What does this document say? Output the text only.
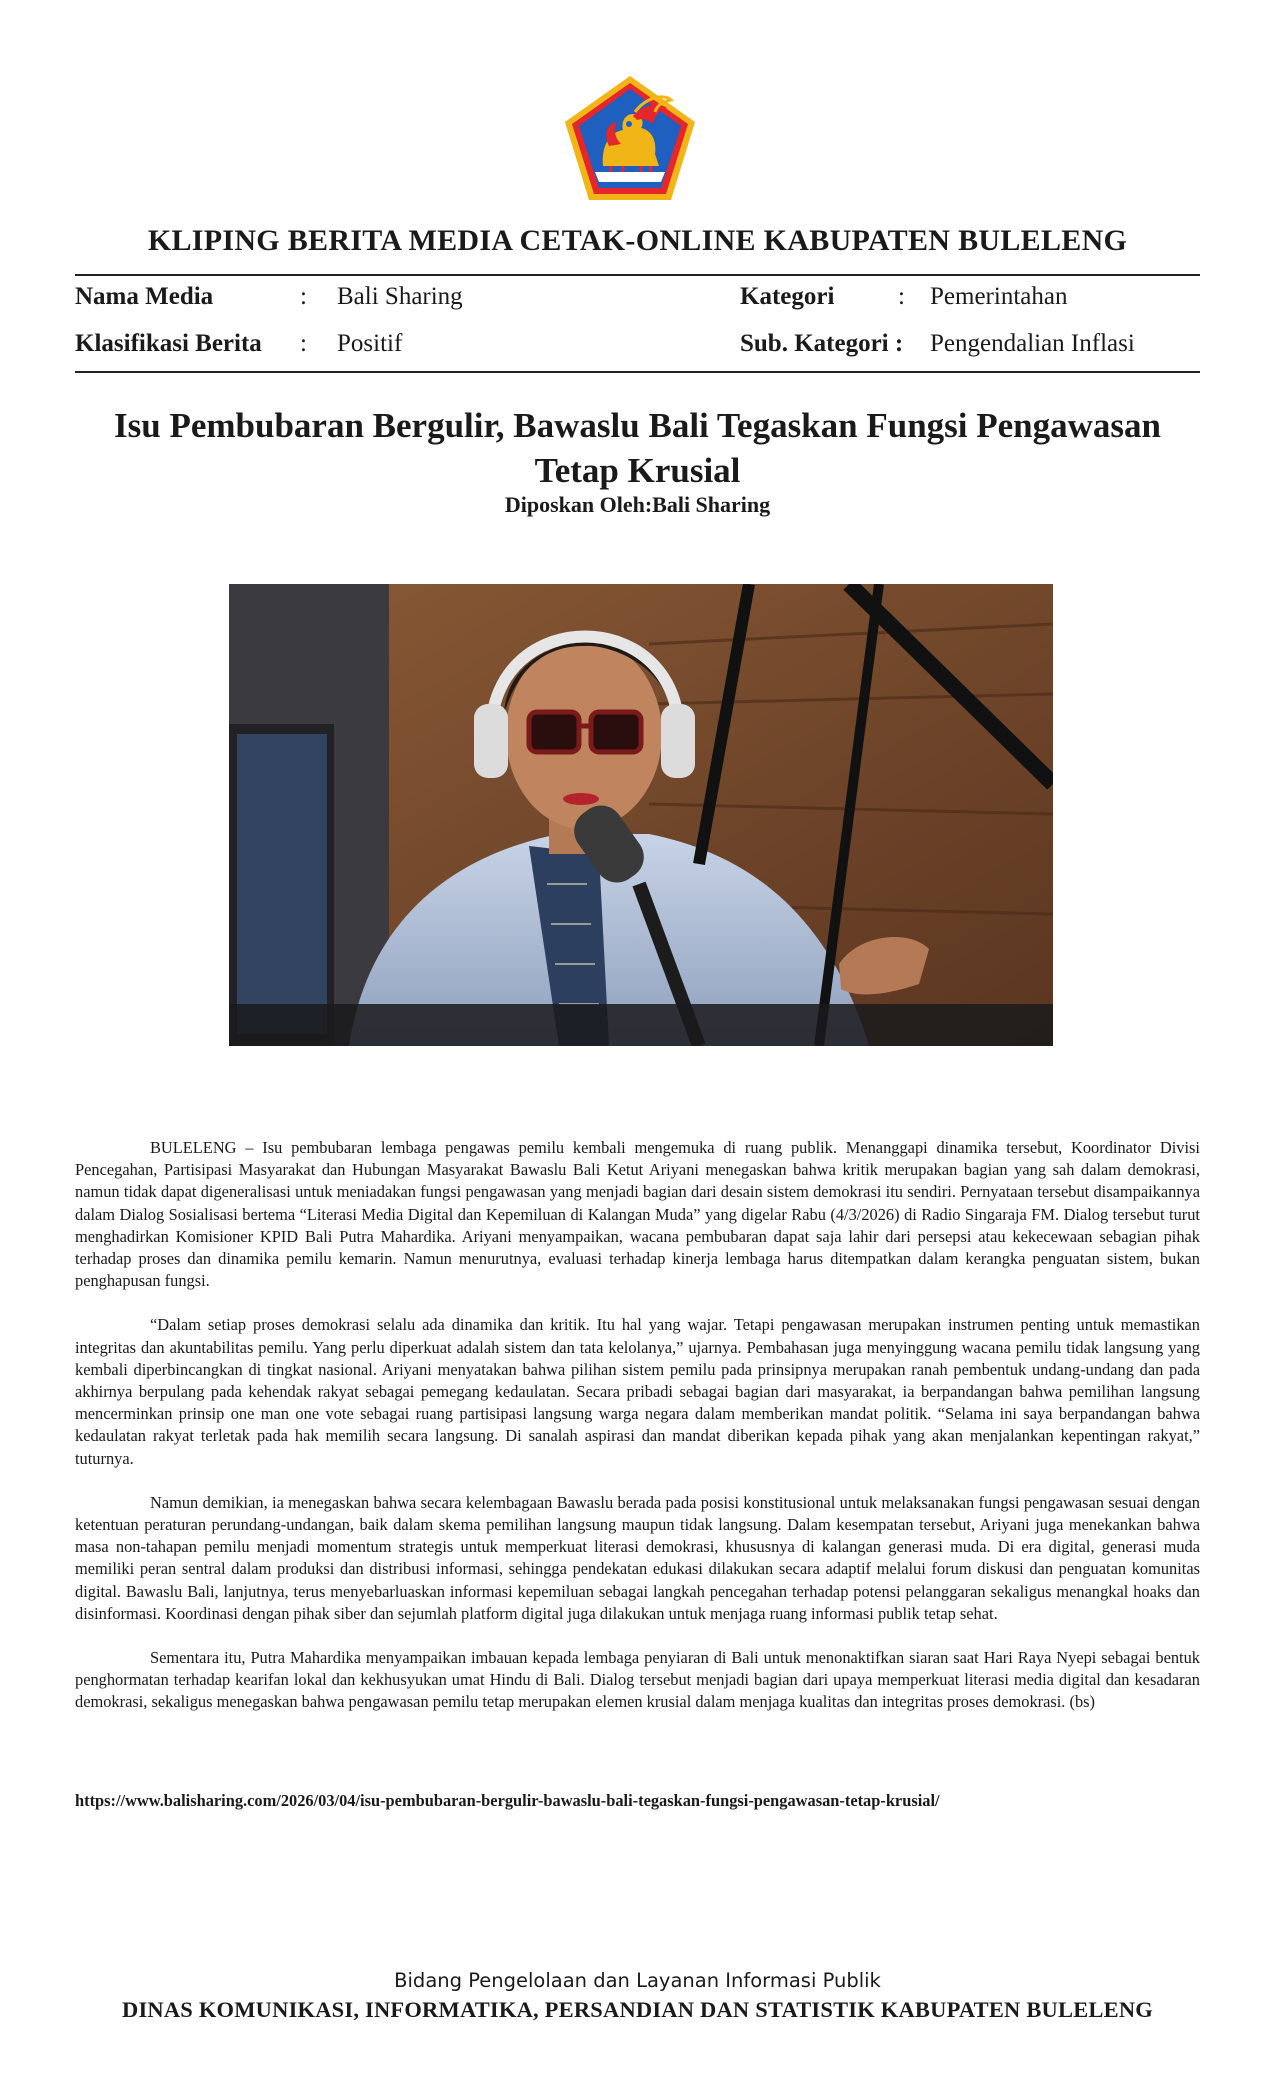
KLIPING BERITA MEDIA CETAK-ONLINE KABUPATEN BULELENG
Nama Media	: Bali Sharing
Klasifikasi Berita : Positif
Kategori	: Pemerintahan
Sub. Kategori : Pengendalian Inflasi
Isu Pembubaran Bergulir, Bawaslu Bali Tegaskan Fungsi Pengawasan Tetap Krusial
Diposkan Oleh:Bali Sharing

BULELENG – Isu pembubaran lembaga pengawas pemilu kembali mengemuka di ruang publik. Menanggapi dinamika tersebut, Koordinator Divisi Pencegahan, Partisipasi Masyarakat dan Hubungan Masyarakat Bawaslu Bali Ketut Ariyani menegaskan bahwa kritik merupakan bagian yang sah dalam demokrasi, namun tidak dapat digeneralisasi untuk meniadakan fungsi pengawasan yang menjadi bagian dari desain sistem demokrasi itu sendiri. Pernyataan tersebut disampaikannya dalam Dialog Sosialisasi bertema “Literasi Media Digital dan Kepemiluan di Kalangan Muda” yang digelar Rabu (4/3/2026) di Radio Singaraja FM. Dialog tersebut turut menghadirkan Komisioner KPID Bali Putra Mahardika. Ariyani menyampaikan, wacana pembubaran dapat saja lahir dari persepsi atau kekecewaan sebagian pihak terhadap proses dan dinamika pemilu kemarin. Namun menurutnya, evaluasi terhadap kinerja lembaga harus ditempatkan dalam kerangka penguatan sistem, bukan penghapusan fungsi.

“Dalam setiap proses demokrasi selalu ada dinamika dan kritik. Itu hal yang wajar. Tetapi pengawasan merupakan instrumen penting untuk memastikan integritas dan akuntabilitas pemilu. Yang perlu diperkuat adalah sistem dan tata kelolanya,” ujarnya. Pembahasan juga menyinggung wacana pemilu tidak langsung yang kembali diperbincangkan di tingkat nasional. Ariyani menyatakan bahwa pilihan sistem pemilu pada prinsipnya merupakan ranah pembentuk undang-undang dan pada akhirnya berpulang pada kehendak rakyat sebagai pemegang kedaulatan. Secara pribadi sebagai bagian dari masyarakat, ia berpandangan bahwa pemilihan langsung mencerminkan prinsip one man one vote sebagai ruang partisipasi langsung warga negara dalam memberikan mandat politik. “Selama ini saya berpandangan bahwa kedaulatan rakyat terletak pada hak memilih secara langsung. Di sanalah aspirasi dan mandat diberikan kepada pihak yang akan menjalankan kepentingan rakyat,” tuturnya.

Namun demikian, ia menegaskan bahwa secara kelembagaan Bawaslu berada pada posisi konstitusional untuk melaksanakan fungsi pengawasan sesuai dengan ketentuan peraturan perundang-undangan, baik dalam skema pemilihan langsung maupun tidak langsung. Dalam kesempatan tersebut, Ariyani juga menekankan bahwa masa non-tahapan pemilu menjadi momentum strategis untuk memperkuat literasi demokrasi, khususnya di kalangan generasi muda. Di era digital, generasi muda memiliki peran sentral dalam produksi dan distribusi informasi, sehingga pendekatan edukasi dilakukan secara adaptif melalui forum diskusi dan penguatan komunitas digital. Bawaslu Bali, lanjutnya, terus menyebarluaskan informasi kepemiluan sebagai langkah pencegahan terhadap potensi pelanggaran sekaligus menangkal hoaks dan disinformasi. Koordinasi dengan pihak siber dan sejumlah platform digital juga dilakukan untuk menjaga ruang informasi publik tetap sehat.

Sementara itu, Putra Mahardika menyampaikan imbauan kepada lembaga penyiaran di Bali untuk menonaktifkan siaran saat Hari Raya Nyepi sebagai bentuk penghormatan terhadap kearifan lokal dan kekhusyukan umat Hindu di Bali. Dialog tersebut menjadi bagian dari upaya memperkuat literasi media digital dan kesadaran demokrasi, sekaligus menegaskan bahwa pengawasan pemilu tetap merupakan elemen krusial dalam menjaga kualitas dan integritas proses demokrasi. (bs)

https://www.balisharing.com/2026/03/04/isu-pembubaran-bergulir-bawaslu-bali-tegaskan-fungsi-pengawasan-tetap-krusial/
Bidang Pengelolaan dan Layanan Informasi Publik
DINAS KOMUNIKASI, INFORMATIKA, PERSANDIAN DAN STATISTIK KABUPATEN BULELENG
